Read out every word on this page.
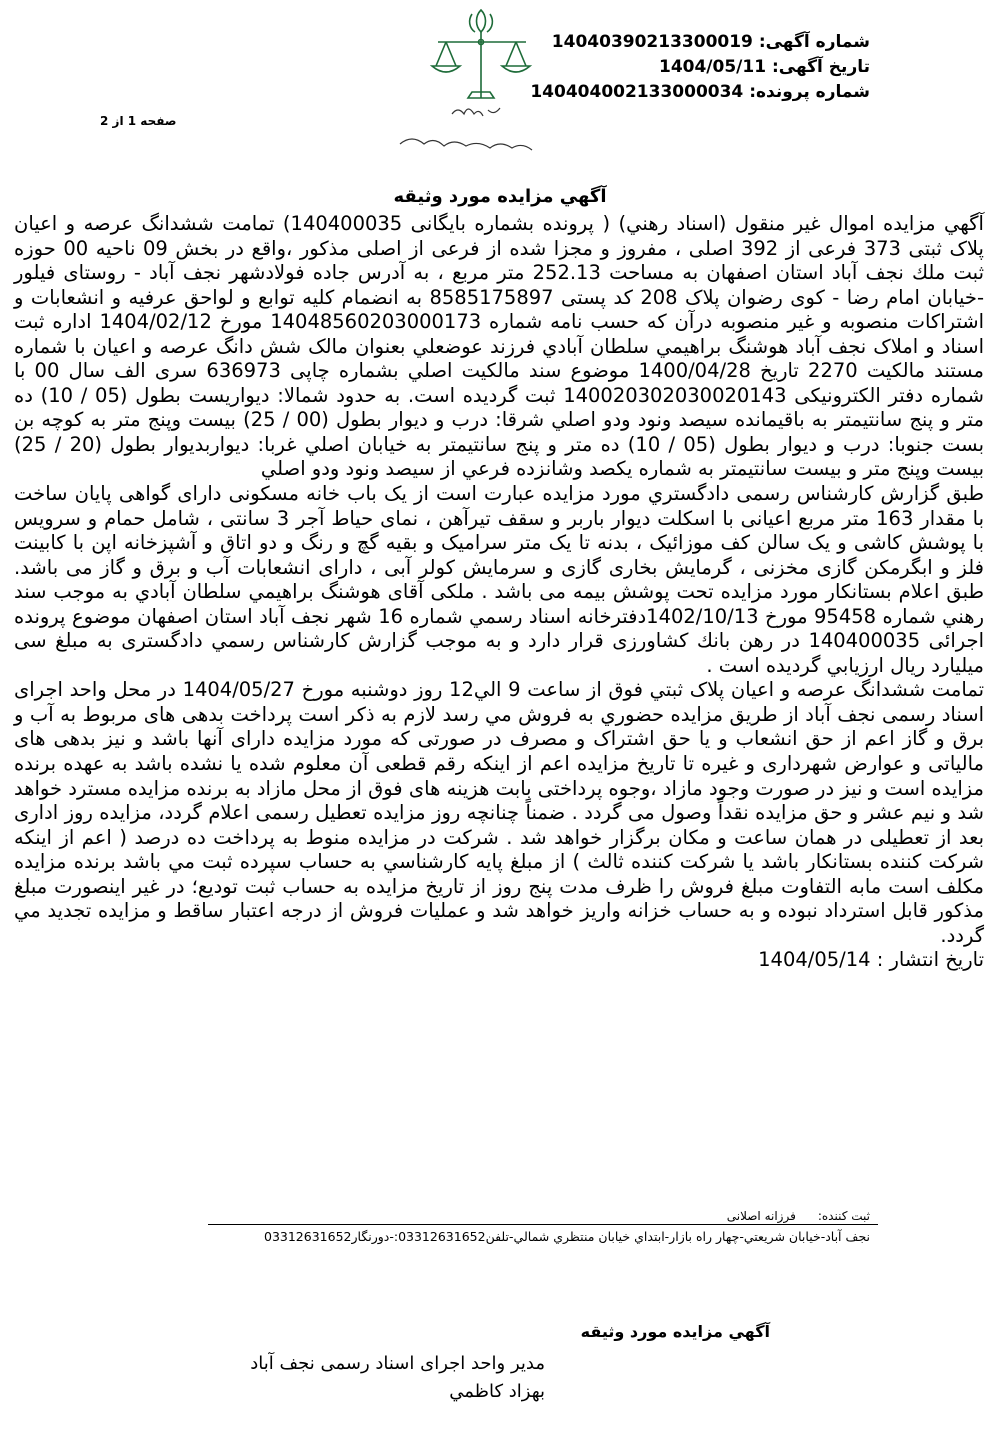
شماره آگهی: 14040390213300019
تاریخ آگهی: 1404/05/11
شماره پرونده: 140404002133000034
صفحه 1 از 2
آگهي مزايده مورد وثيقه

آگهي مزايده اموال غير منقول (اسناد رهني) ( پرونده بشماره بايگانی 140400035) تمامت ششدانگ عرصه و اعيان پلاک ثبتی 373 فرعی از 392 اصلی ، مفروز و مجزا شده از فرعی از اصلی مذکور ،واقع در بخش 09 ناحيه 00 حوزه ثبت ملك نجف آباد استان اصفهان به مساحت 252.13 متر مربع ، به آدرس جاده فولادشهر نجف آباد - روستای فيلور -خيابان امام رضا - کوی رضوان پلاک 208 کد پستی 8585175897 به انضمام کليه توابع و لواحق عرفيه و انشعابات و اشتراکات منصوبه و غير منصوبه درآن که حسب نامه شماره 14048560203000173 مورخ 1404/02/12 اداره ثبت اسناد و املاک نجف آباد هوشنگ براهيمي سلطان آبادي فرزند عوضعلي بعنوان مالک شش دانگ عرصه و اعيان با شماره مستند مالکيت 2270 تاريخ 1400/04/28 موضوع سند مالکيت اصلي بشماره چاپی 636973 سری الف سال 00 با شماره دفتر الکترونيکی 140020302030020143 ثبت گرديده است. به حدود شمالا: ديواريست بطول (05 / 10) ده متر و پنج سانتيمتر به باقيمانده سيصد ونود ودو اصلي شرقا: درب و ديوار بطول (00 / 25) بيست وپنج متر به کوچه بن بست جنوبا: درب و ديوار بطول (05 / 10) ده متر و پنج سانتيمتر به خيابان اصلي غربا: ديواربديوار بطول (20 / 25) بيست وپنج متر و بيست سانتيمتر به شماره يکصد وشانزده فرعي از سيصد ونود ودو اصلي

طبق گزارش کارشناس رسمی دادگستري مورد مزايده عبارت است از يک باب خانه مسکونی دارای گواهی پايان ساخت با مقدار 163 متر مربع اعيانی با اسکلت ديوار باربر و سقف تيرآهن ، نمای حياط آجر 3 سانتی ، شامل حمام و سرويس با پوشش کاشی و يک سالن کف موزائيک ، بدنه تا يک متر سراميک و بقيه گچ و رنگ و دو اتاق و آشپزخانه اپن با کابينت فلز و ابگرمکن گازی مخزنی ، گرمايش بخاری گازی و سرمايش کولر آبی ، دارای انشعابات آب و برق و گاز می باشد. طبق اعلام بستانکار مورد مزايده تحت پوشش بيمه می باشد . ملکی آقای هوشنگ براهيمي سلطان آبادي به موجب سند رهني شماره 95458 مورخ 1402/10/13دفترخانه اسناد رسمي شماره 16 شهر نجف آباد استان اصفهان موضوع پرونده اجرائی 140400035 در رهن بانك كشاورزی قرار دارد و به موجب گزارش کارشناس رسمي دادگستری به مبلغ سی ميليارد ريال ارزيابي گرديده است .

تمامت ششدانگ عرصه و اعيان پلاک ثبتي فوق از ساعت 9 الي12 روز دوشنبه مورخ 1404/05/27 در محل واحد اجرای اسناد رسمی نجف آباد از طريق مزايده حضوري به فروش مي رسد لازم به ذکر است پرداخت بدهی های مربوط به آب و برق و گاز اعم از حق انشعاب و يا حق اشتراک و مصرف در صورتی که مورد مزايده دارای آنها باشد و نيز بدهی های مالياتی و عوارض شهرداری و غيره تا تاريخ مزايده اعم از اينکه رقم قطعی آن معلوم شده يا نشده باشد به عهده برنده مزايده است و نيز در صورت وجود مازاد ،وجوه پرداختی بابت هزينه های فوق از محل مازاد به برنده مزايده مسترد خواهد شد و نيم عشر و حق مزايده نقداً وصول می گردد . ضمناً چنانچه روز مزايده تعطيل رسمی اعلام گردد، مزايده روز اداری بعد از تعطيلی در همان ساعت و مکان برگزار خواهد شد . شرکت در مزايده منوط به پرداخت ده درصد ( اعم از اينکه شرکت کننده بستانکار باشد يا شرکت کننده ثالث ) از مبلغ پايه کارشناسي به حساب سپرده ثبت مي باشد برنده مزايده مکلف است مابه التفاوت مبلغ فروش را ظرف مدت پنج روز از تاريخ مزايده به حساب ثبت توديع؛ در غير اينصورت مبلغ مذکور قابل استرداد نبوده و به حساب خزانه واريز خواهد شد و عمليات فروش از درجه اعتبار ساقط و مزايده تجديد مي گردد.

تاريخ انتشار : 1404/05/14

ثبت کننده:فرزانه اصلانی
نجف آباد-خيابان شريعتي-چهار راه بازار-ابتداي خيابان منتظري شمالي-تلفن03312631652:-دورنگار03312631652
آگهي مزايده مورد وثيقه
مدير واحد اجرای اسناد رسمی نجف آباد
بهزاد کاظمي
